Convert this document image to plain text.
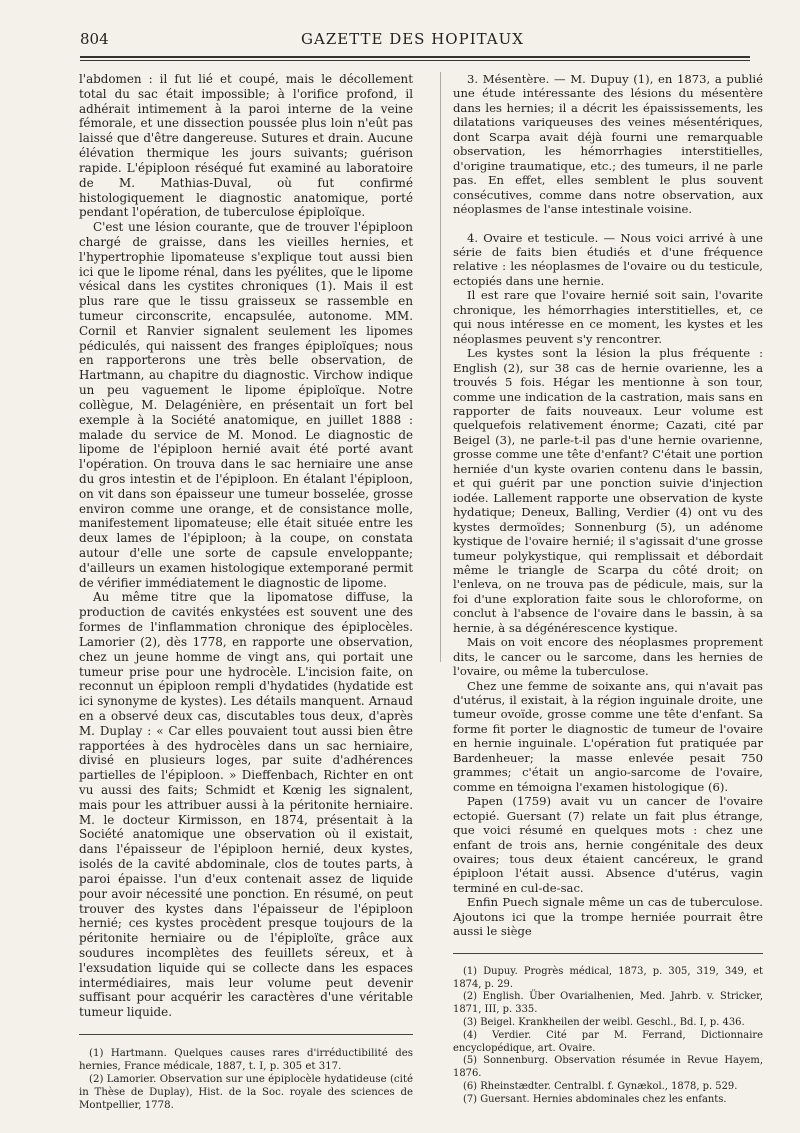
804	GAZETTE DES HOPITAUX

l'abdomen : il fut lié et coupé, mais le décollement total du sac était impossible; à l'orifice profond, il adhérait intimement à la paroi interne de la veine fémorale, et une dissection poussée plus loin n'eût pas laissé que d'être dangereuse. Sutures et drain. Aucune élévation thermique les jours suivants; guérison rapide. L'épiploon réséqué fut examiné au laboratoire de M. Mathias-Duval, où fut confirmé histologiquement le diagnostic anatomique, porté pendant l'opération, de tuberculose épiploïque.

C'est une lésion courante, que de trouver l'épiploon chargé de graisse, dans les vieilles hernies, et l'hypertrophie lipomateuse s'explique tout aussi bien ici que le lipome rénal, dans les pyélites, que le lipome vésical dans les cystites chroniques (1). Mais il est plus rare que le tissu graisseux se rassemble en tumeur circonscrite, encapsulée, autonome. MM. Cornil et Ranvier signalent seulement les lipomes pédiculés, qui naissent des franges épiploïques; nous en rapporterons une très belle observation, de Hartmann, au chapitre du diagnostic. Virchow indique un peu vaguement le lipome épiploïque. Notre collègue, M. Delagénière, en présentait un fort bel exemple à la Société anatomique, en juillet 1888 : malade du service de M. Monod. Le diagnostic de lipome de l'épiploon hernié avait été porté avant l'opération. On trouva dans le sac herniaire une anse du gros intestin et de l'épiploon. En étalant l'épiploon, on vit dans son épaisseur une tumeur bosselée, grosse environ comme une orange, et de consistance molle, manifestement lipomateuse; elle était située entre les deux lames de l'épiploon; à la coupe, on constata autour d'elle une sorte de capsule enveloppante; d'ailleurs un examen histologique extemporané permit de vérifier immédiatement le diagnostic de lipome.

Au même titre que la lipomatose diffuse, la production de cavités enkystées est souvent une des formes de l'inflammation chronique des épiplocèles. Lamorier (2), dès 1778, en rapporte une observation, chez un jeune homme de vingt ans, qui portait une tumeur prise pour une hydrocèle. L'incision faite, on reconnut un épiploon rempli d'hydatides (hydatide est ici synonyme de kystes). Les détails manquent. Arnaud en a observé deux cas, discutables tous deux, d'après M. Duplay : « Car elles pouvaient tout aussi bien être rapportées à des hydrocèles dans un sac herniaire, divisé en plusieurs loges, par suite d'adhérences partielles de l'épiploon. » Dieffenbach, Richter en ont vu aussi des faits; Schmidt et Kœnig les signalent, mais pour les attribuer aussi à la péritonite herniaire. M. le docteur Kirmisson, en 1874, présentait à la Société anatomique une observation où il existait, dans l'épaisseur de l'épiploon hernié, deux kystes, isolés de la cavité abdominale, clos de toutes parts, à paroi épaisse. l'un d'eux contenait assez de liquide pour avoir nécessité une ponction. En résumé, on peut trouver des kystes dans l'épaisseur de l'épiploon hernié; ces kystes procèdent presque toujours de la péritonite herniaire ou de l'épiploïte, grâce aux soudures incomplètes des feuillets séreux, et à l'exsudation liquide qui se collecte dans les espaces intermédiaires, mais leur volume peut devenir suffisant pour acquérir les caractères d'une véritable tumeur liquide.

(1) Hartmann. Quelques causes rares d'irréductibilité des hernies, France médicale, 1887, t. I, p. 305 et 317.

(2) Lamorier. Observation sur une épiplocèle hydatideuse (cité in Thèse de Duplay), Hist. de la Soc. royale des sciences de Montpellier, 1778.

3. Mésentère. — M. Dupuy (1), en 1873, a publié une étude intéressante des lésions du mésentère dans les hernies; il a décrit les épaississements, les dilatations variqueuses des veines mésentériques, dont Scarpa avait déjà fourni une remarquable observation, les hémorrhagies interstitielles, d'origine traumatique, etc.; des tumeurs, il ne parle pas. En effet, elles semblent le plus souvent consécutives, comme dans notre observation, aux néoplasmes de l'anse intestinale voisine.

4. Ovaire et testicule. — Nous voici arrivé à une série de faits bien étudiés et d'une fréquence relative : les néoplasmes de l'ovaire ou du testicule, ectopiés dans une hernie.

Il est rare que l'ovaire hernié soit sain, l'ovarite chronique, les hémorrhagies interstitielles, et, ce qui nous intéresse en ce moment, les kystes et les néoplasmes peuvent s'y rencontrer.

Les kystes sont la lésion la plus fréquente : English (2), sur 38 cas de hernie ovarienne, les a trouvés 5 fois. Hégar les mentionne à son tour, comme une indication de la castration, mais sans en rapporter de faits nouveaux. Leur volume est quelquefois relativement énorme; Cazati, cité par Beigel (3), ne parle-t-il pas d'une hernie ovarienne, grosse comme une tête d'enfant? C'était une portion herniée d'un kyste ovarien contenu dans le bassin, et qui guérit par une ponction suivie d'injection iodée. Lallement rapporte une observation de kyste hydatique; Deneux, Balling, Verdier (4) ont vu des kystes dermoïdes; Sonnenburg (5), un adénome kystique de l'ovaire hernié; il s'agissait d'une grosse tumeur polykystique, qui remplissait et débordait même le triangle de Scarpa du côté droit; on l'enleva, on ne trouva pas de pédicule, mais, sur la foi d'une exploration faite sous le chloroforme, on conclut à l'absence de l'ovaire dans le bassin, à sa hernie, à sa dégénérescence kystique.

Mais on voit encore des néoplasmes proprement dits, le cancer ou le sarcome, dans les hernies de l'ovaire, ou même la tuberculose.

Chez une femme de soixante ans, qui n'avait pas d'utérus, il existait, à la région inguinale droite, une tumeur ovoïde, grosse comme une tête d'enfant. Sa forme fit porter le diagnostic de tumeur de l'ovaire en hernie inguinale. L'opération fut pratiquée par Bardenheuer; la masse enlevée pesait 750 grammes; c'était un angio-sarcome de l'ovaire, comme en témoigna l'examen histologique (6).

Papen (1759) avait vu un cancer de l'ovaire ectopié. Guersant (7) relate un fait plus étrange, que voici résumé en quelques mots : chez une enfant de trois ans, hernie congénitale des deux ovaires; tous deux étaient cancéreux, le grand épiploon l'était aussi. Absence d'utérus, vagin terminé en cul-de-sac.

Enfin Puech signale même un cas de tuberculose. Ajoutons ici que la trompe herniée pourrait être aussi le siège

(1) Dupuy. Progrès médical, 1873, p. 305, 319, 349, et 1874, p. 29.

(2) English. Über Ovarialhenien, Med. Jahrb. v. Stricker, 1871, III, p. 335.

(3) Beigel. Krankheilen der weibl. Geschl., Bd. I, p. 436.

(4) Verdier. Cité par M. Ferrand, Dictionnaire encyclopédique, art. Ovaire.

(5) Sonnenburg. Observation résumée in Revue Hayem, 1876.

(6) Rheinstædter. Centralbl. f. Gynækol., 1878, p. 529.

(7) Guersant. Hernies abdominales chez les enfants.
